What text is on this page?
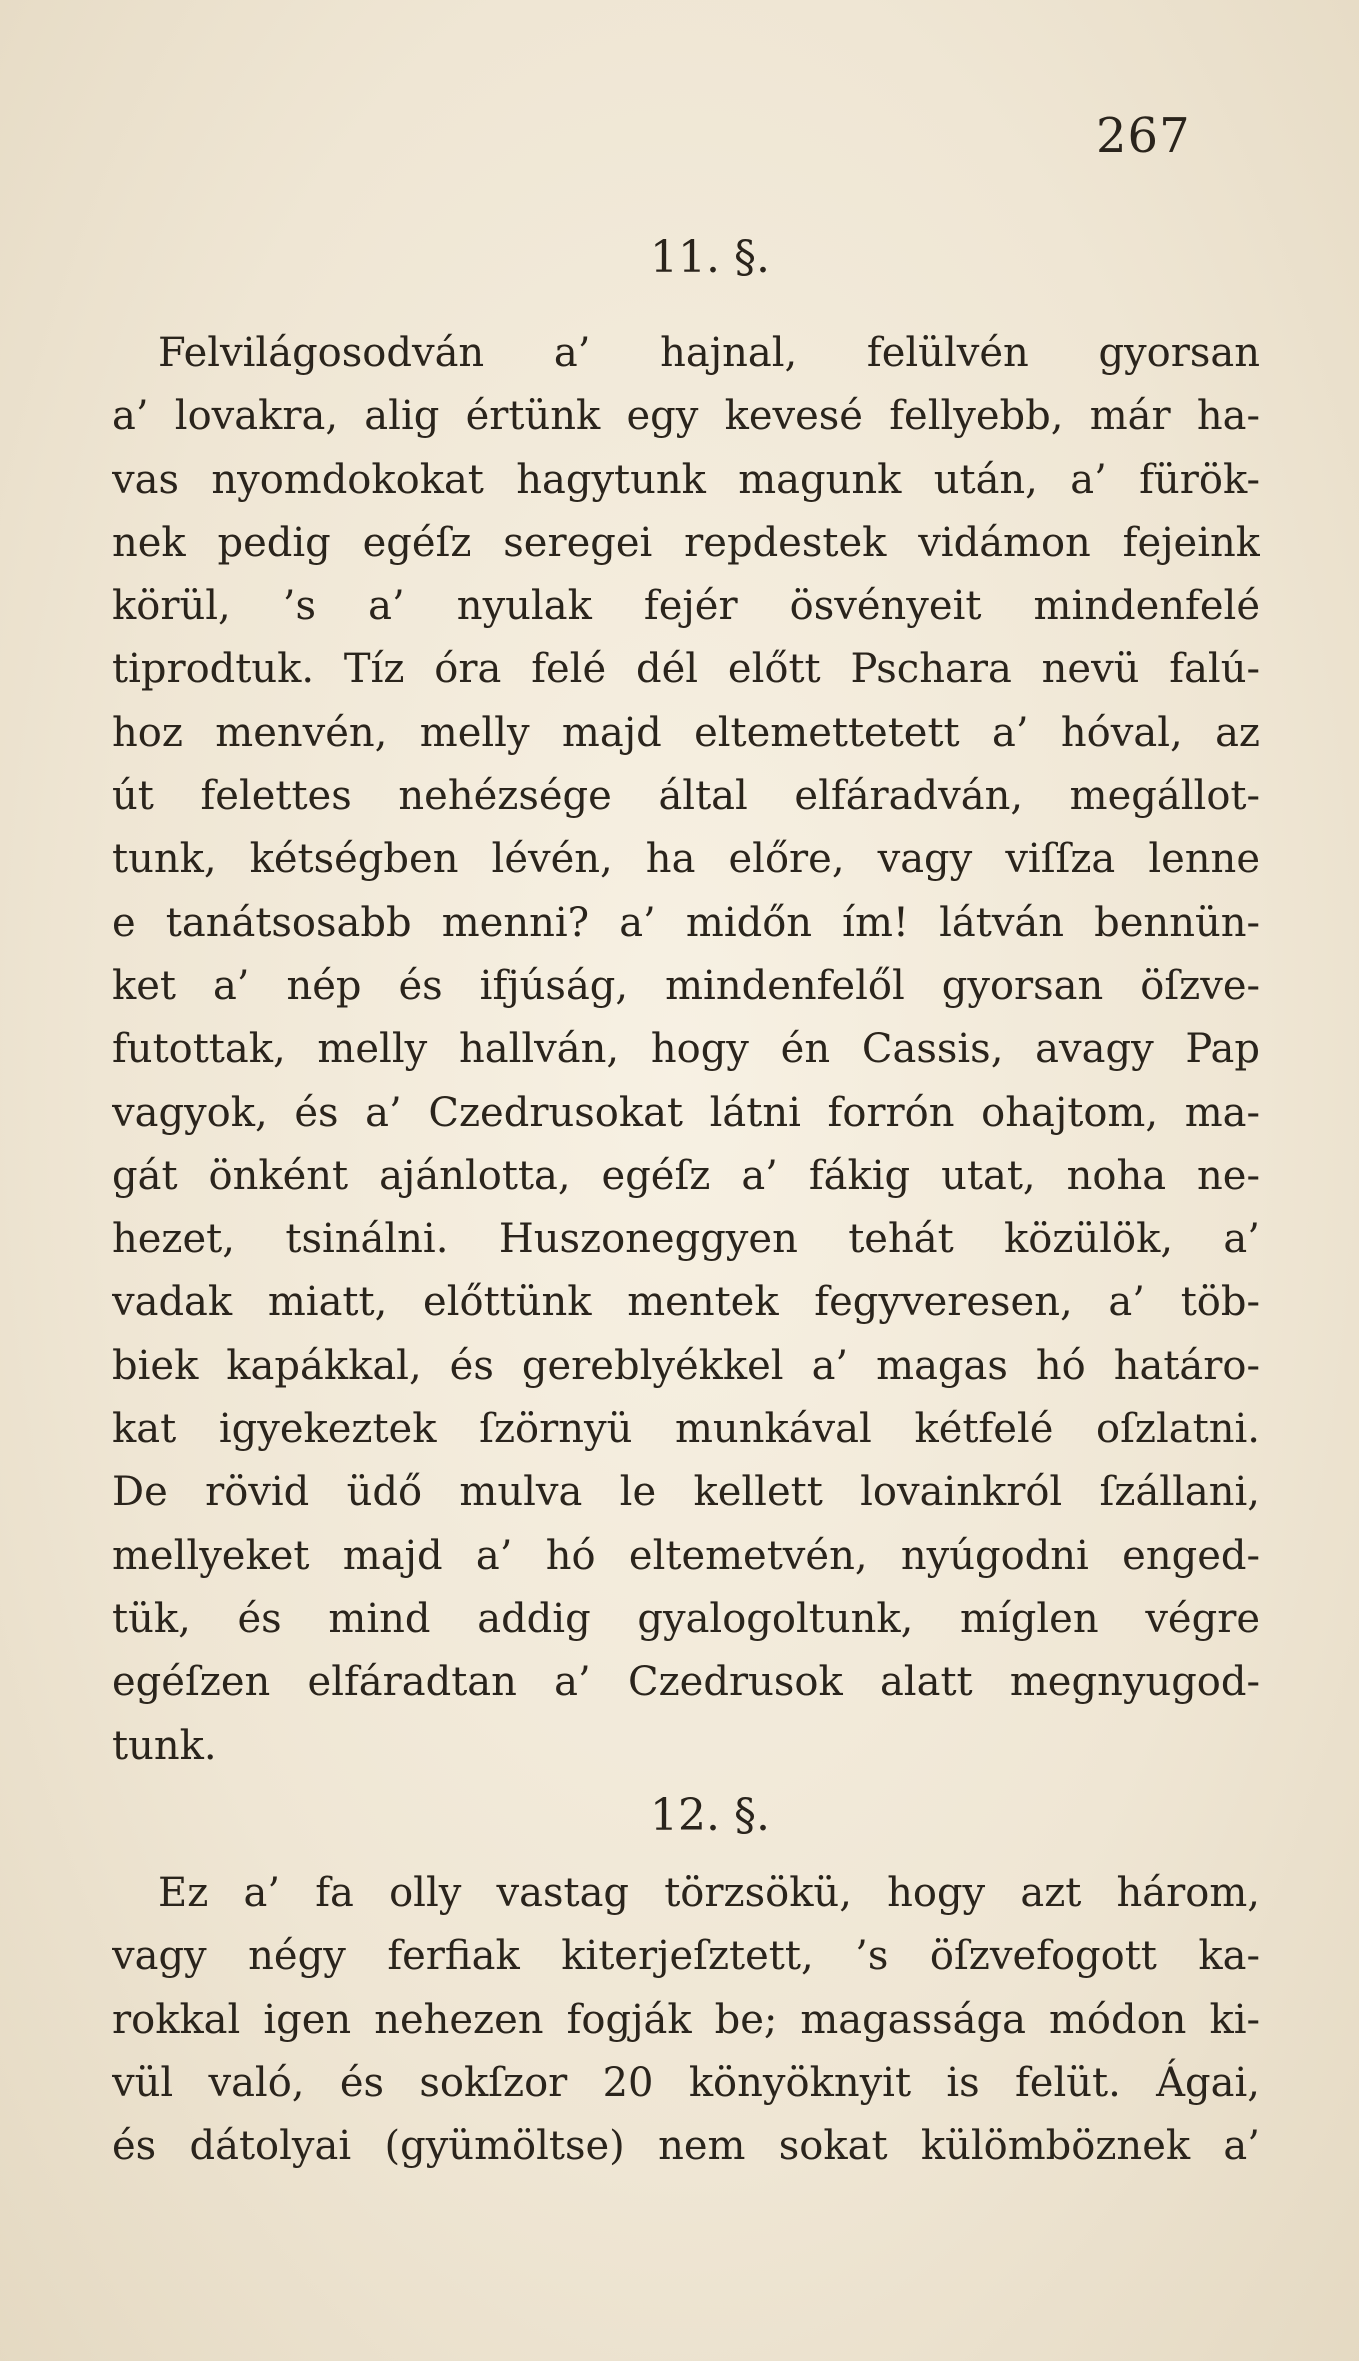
267
11. §.
Felvilágosodván a’ hajnal, felülvén gyorsan
a’ lovakra, alig értünk egy kevesé fellyebb, már ha-
vas nyomdokokat hagytunk magunk után, a’ fürök-
nek pedig egéſz seregei repdestek vidámon fejeink
körül, ’s a’ nyulak fejér ösvényeit mindenfelé
tiprodtuk. Tíz óra felé dél előtt Pschara nevü falú-
hoz menvén, melly majd eltemettetett a’ hóval, az
út felettes nehézsége által elfáradván, megállot-
tunk, kétségben lévén, ha előre, vagy viſſza lenne
e tanátsosabb menni? a’ midőn ím! látván bennün-
ket a’ nép és ifjúság, mindenfelől gyorsan öſzve-
futottak, melly hallván, hogy én Cassis, avagy Pap
vagyok, és a’ Czedrusokat látni forrón ohajtom, ma-
gát önként ajánlotta, egéſz a’ fákig utat, noha ne-
hezet, tsinálni. Huszoneggyen tehát közülök, a’
vadak miatt, előttünk mentek fegyveresen, a’ töb-
biek kapákkal, és gereblyékkel a’ magas hó határo-
kat igyekeztek ſzörnyü munkával kétfelé oſzlatni.
De rövid üdő mulva le kellett lovainkról ſzállani,
mellyeket majd a’ hó eltemetvén, nyúgodni enged-
tük, és mind addig gyalogoltunk, míglen végre
egéſzen elfáradtan a’ Czedrusok alatt megnyugod-
tunk.
12. §.
Ez a’ fa olly vastag törzsökü, hogy azt három,
vagy négy ferfiak kiterjeſztett, ’s öſzvefogott ka-
rokkal igen nehezen fogják be; magassága módon ki-
vül való, és sokſzor 20 könyöknyit is felüt. Ágai,
és dátolyai (gyümöltse) nem sokat külömböznek a’
